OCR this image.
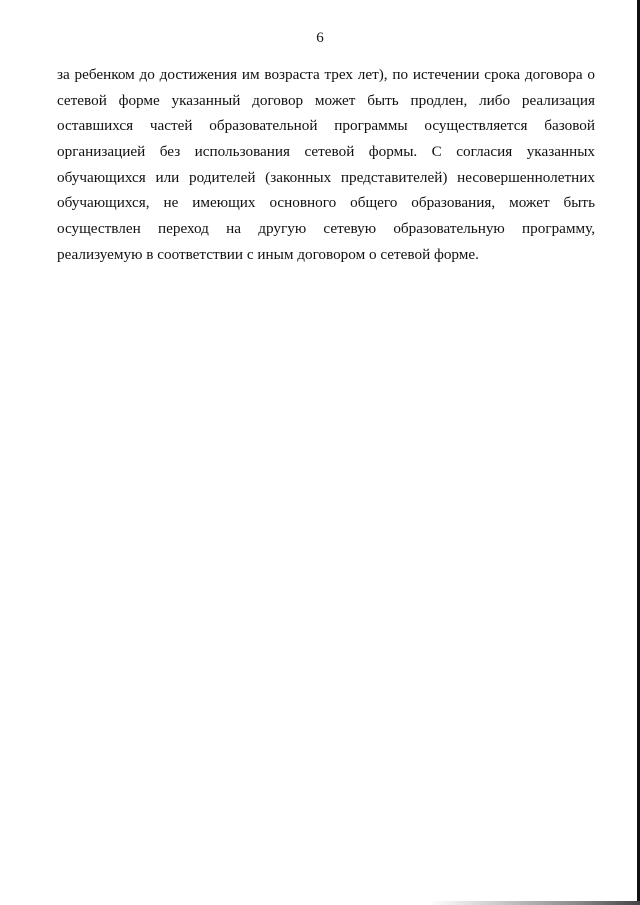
6

за ребенком до достижения им возраста трех лет), по истечении срока договора о
сетевой форме указанный договор может быть продлен, либо реализация
оставшихся частей образовательной программы осуществляется базовой
организацией без использования сетевой формы. С согласия указанных
обучающихся или родителей (законных представителей) несовершеннолетних
обучающихся, не имеющих основного общего образования, может быть
осуществлен переход на другую сетевую образовательную программу,
реализуемую в соответствии с иным договором о сетевой форме.
